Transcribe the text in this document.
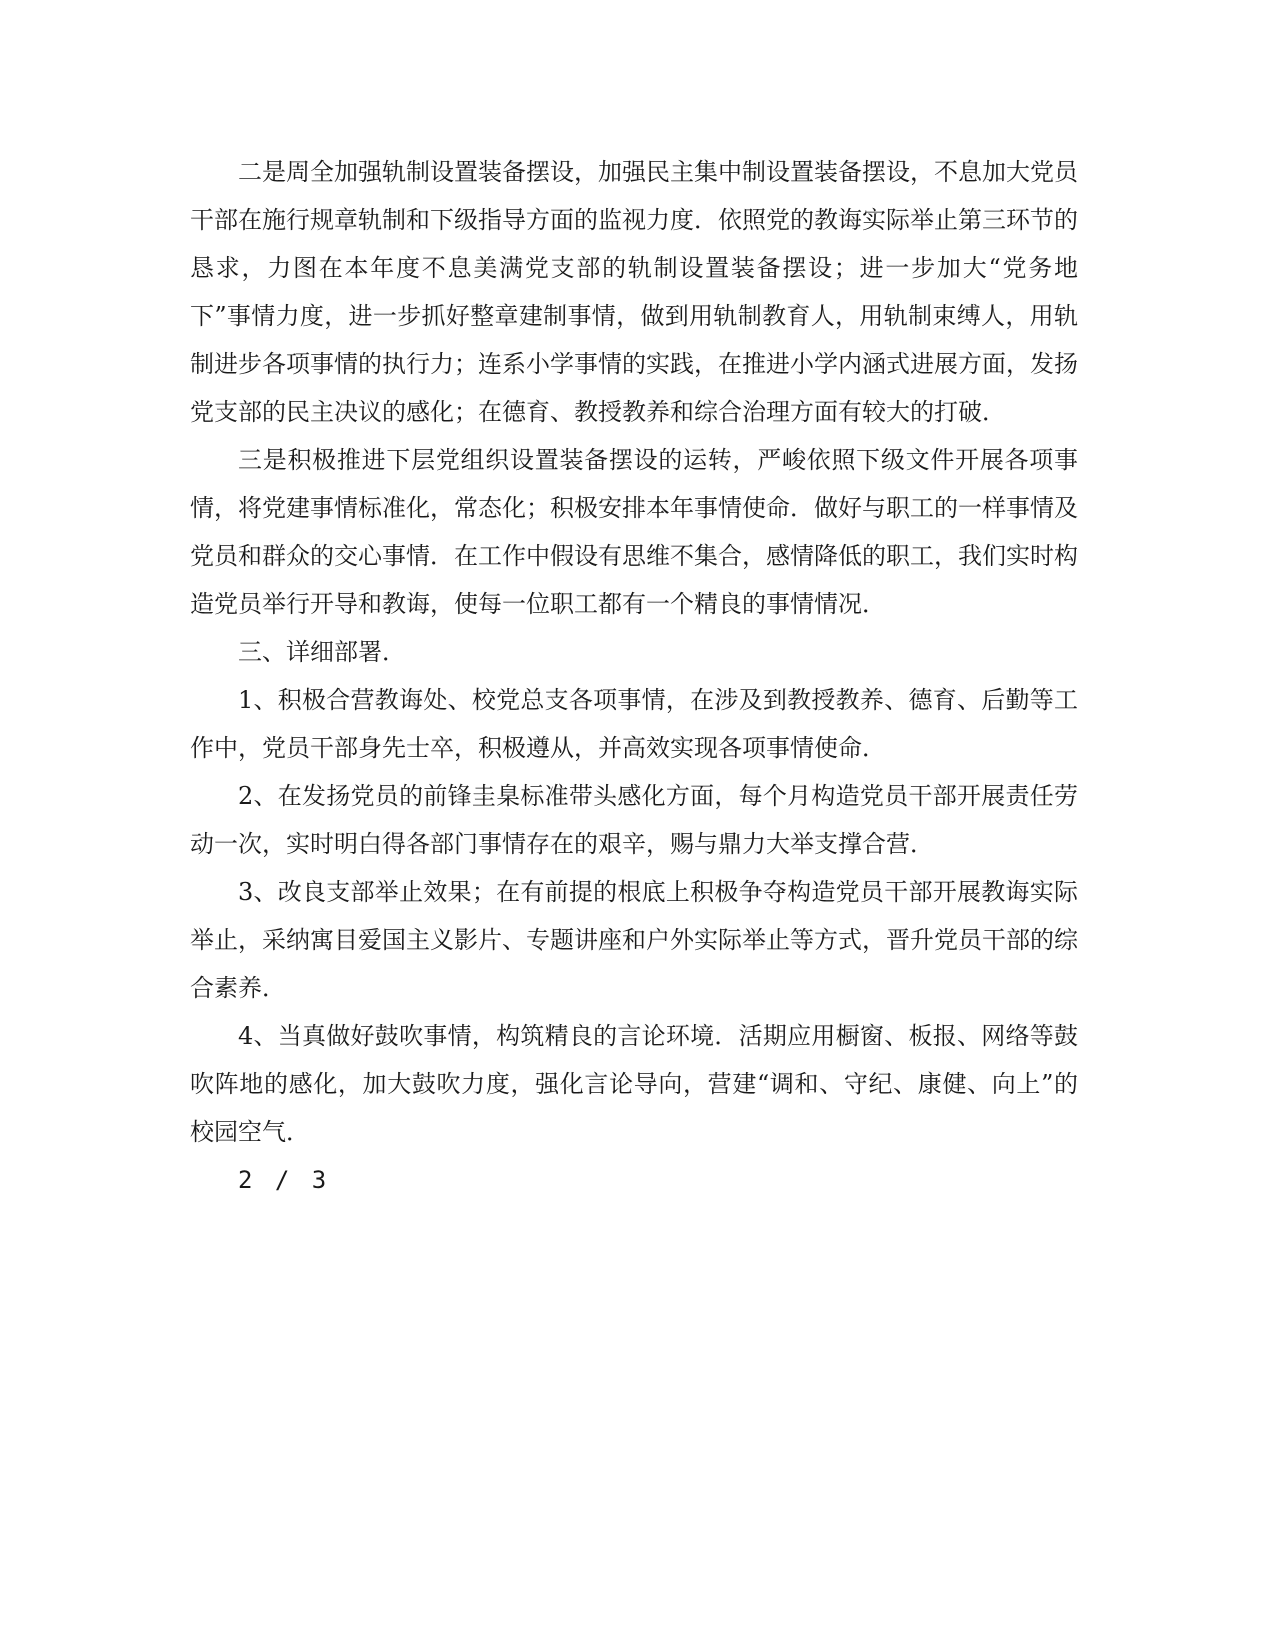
二是周全加强轨制设置装备摆设，加强民主集中制设置装备摆设，不息加大党员干部在施行规章轨制和下级指导方面的监视力度．依照党的教诲实际举止第三环节的恳求，力图在本年度不息美满党支部的轨制设置装备摆设；进一步加大“党务地下”事情力度，进一步抓好整章建制事情，做到用轨制教育人，用轨制束缚人，用轨制进步各项事情的执行力；连系小学事情的实践，在推进小学内涵式进展方面，发扬党支部的民主决议的感化；在德育、教授教养和综合治理方面有较大的打破．

三是积极推进下层党组织设置装备摆设的运转，严峻依照下级文件开展各项事情，将党建事情标准化，常态化；积极安排本年事情使命．做好与职工的一样事情及党员和群众的交心事情．在工作中假设有思维不集合，感情降低的职工，我们实时构造党员举行开导和教诲，使每一位职工都有一个精良的事情情况．

三、详细部署．

1、积极合营教诲处、校党总支各项事情，在涉及到教授教养、德育、后勤等工作中，党员干部身先士卒，积极遵从，并高效实现各项事情使命．

2、在发扬党员的前锋圭臬标准带头感化方面，每个月构造党员干部开展责任劳动一次，实时明白得各部门事情存在的艰辛，赐与鼎力大举支撑合营．

3、改良支部举止效果；在有前提的根底上积极争夺构造党员干部开展教诲实际举止，采纳寓目爱国主义影片、专题讲座和户外实际举止等方式，晋升党员干部的综合素养．

4、当真做好鼓吹事情，构筑精良的言论环境．活期应用橱窗、板报、网络等鼓吹阵地的感化，加大鼓吹力度，强化言论导向，营建“调和、守纪、康健、向上”的校园空气．

2 / 3
